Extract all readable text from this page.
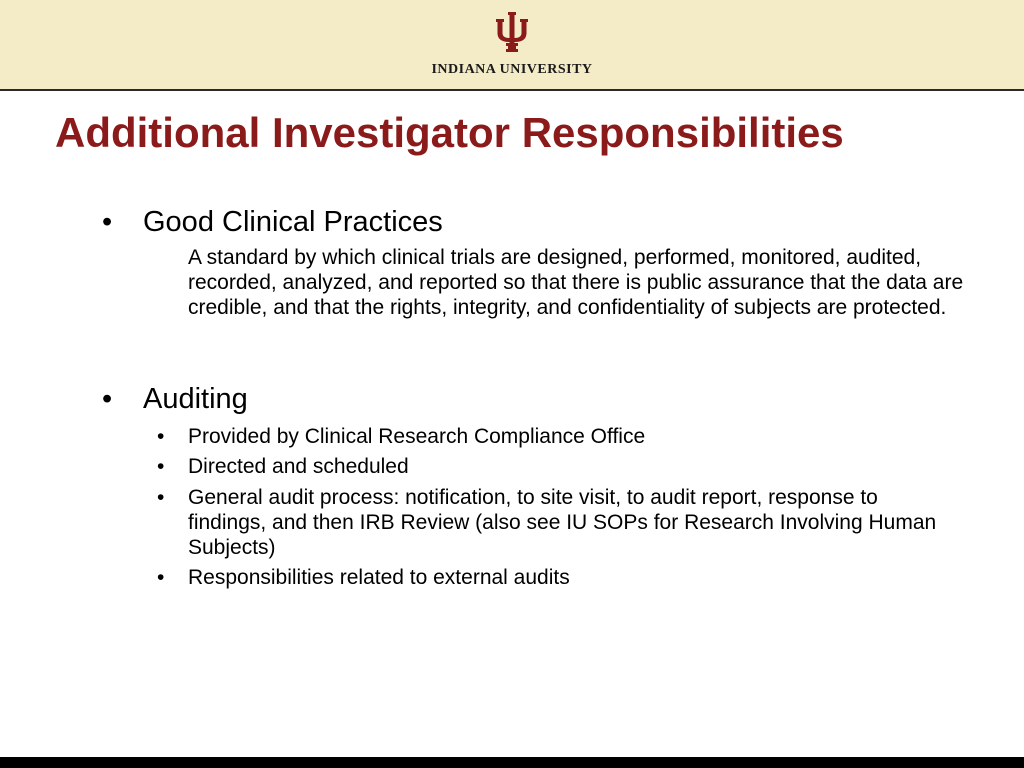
INDIANA UNIVERSITY
Additional Investigator Responsibilities
• Good Clinical Practices
A standard by which clinical trials are designed, performed, monitored, audited, recorded, analyzed, and reported so that there is public assurance that the data are credible, and that the rights, integrity, and confidentiality of subjects are protected.
• Auditing
• Provided by Clinical Research Compliance Office
• Directed and scheduled
• General audit process: notification, to site visit, to audit report, response to findings, and then IRB Review (also see IU SOPs for Research Involving Human Subjects)
• Responsibilities related to external audits
